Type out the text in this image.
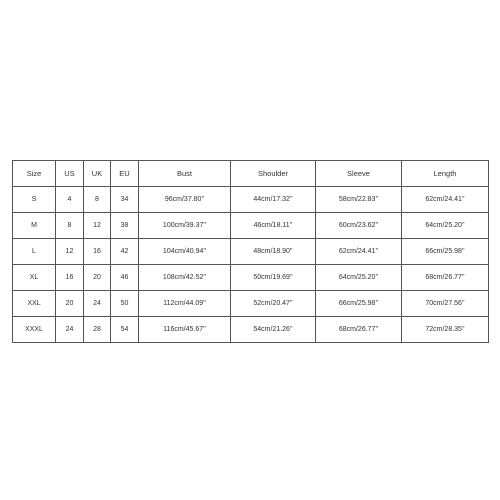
Size	US	UK	EU	Bust	Shoulder	Sleeve	Length
S	4	8	34	96cm/37.80''	44cm/17.32''	58cm/22.83''	62cm/24.41''
M	8	12	38	100cm/39.37''	46cm/18.11''	60cm/23.62''	64cm/25.20''
L	12	16	42	104cm/40.94''	48cm/18.90''	62cm/24.41''	66cm/25.98''
XL	16	20	46	108cm/42.52''	50cm/19.69''	64cm/25.20''	68cm/26.77''
XXL	20	24	50	112cm/44.09''	52cm/20.47''	66cm/25.98''	70cm/27.56''
XXXL	24	28	54	116cm/45.67''	54cm/21.26''	68cm/26.77''	72cm/28.35''
